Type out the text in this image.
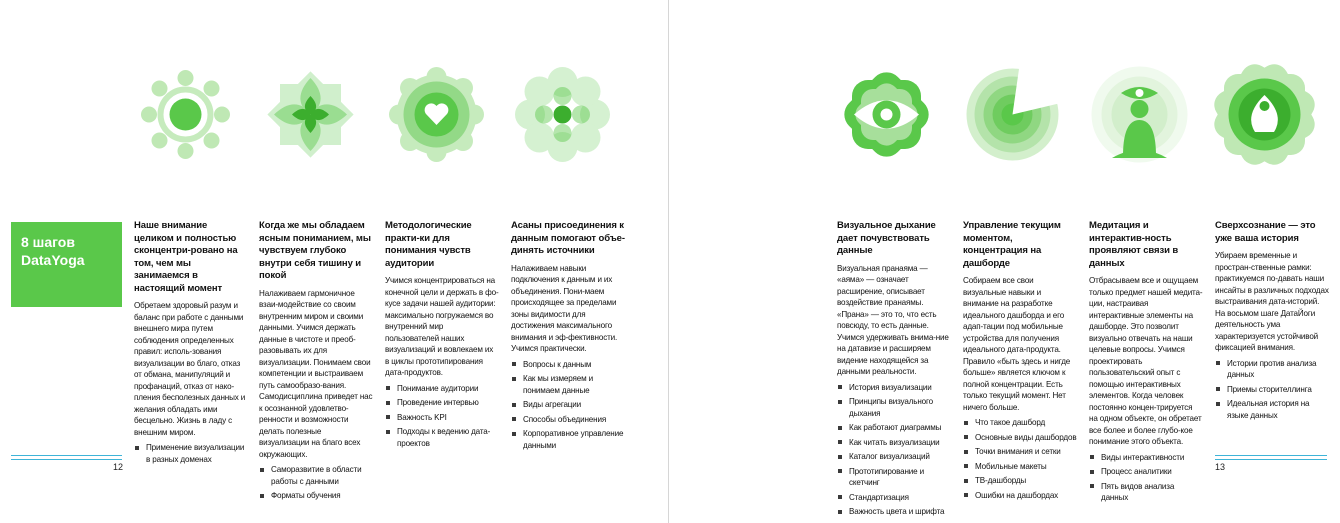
8 шагов
DataYoga
Наше внимание целиком и полностью сконцентри-ровано на том, чем мы занимаемся в настоящий момент

Обретаем здоровый разум и баланс при работе с данными внешнего мира путем соблюдения определенных правил: исполь-зования визуализации во благо, отказ от обмана, манипуляций и профанаций, отказ от нако-пления бесполезных данных и желания обладать ими бесцельно. Жизнь в ладу с внешним миром.

Применение визуализации в разных доменах
Когда же мы обладаем ясным пониманием, мы чувствуем глубоко внутри себя тишину и покой

Налаживаем гармоничное взаи-модействие со своим внутренним миром и своими данными. Учимся держать данные в чистоте и преоб-разовывать их для визуализации. Понимаем свои компетенции и выстраиваем путь самообразо-вания. Самодисциплина приведет нас к осознанной удовлетво-ренности и возможности делать полезные визуализации на благо всех окружающих.

Саморазвитие в области работы с данными
Форматы обучения
Методологические практи-ки для понимания чувств аудитории

Учимся концентрироваться на конечной цели и держать в фо-кусе задачи нашей аудитории: максимально погружаемся во внутренний мир пользователей наших визуализаций и вовлекаем их в циклы прототипирования дата-продуктов.

Понимание аудитории
Проведение интервью
Важность KPI
Подходы к ведению дата-проектов
Асаны присоединения к данным помогают объе-динять источники

Налаживаем навыки подключения к данным и их объединения. Пони-маем происходящее за пределами зоны видимости для достижения максимального внимания и эф-фективности. Учимся практически.

Вопросы к данным
Как мы измеряем и понимаем данные
Виды агрегации
Способы объединения
Корпоративное управление данными
12
Визуальное дыхание дает почувствовать данные

Визуальная пранаяма — «аяма» — означает расширение, описывает воздействие пранаямы. «Прана» — это то, что есть повсюду, то есть данные. Учимся удерживать внима-ние на датавизе и расширяем видение находящейся за данными реальности.

История визуализации
Принципы визуального дыхания
Как работают диаграммы
Как читать визуализации
Каталог визуализаций
Прототипирование и скетчинг
Стандартизация
Важность цвета и шрифта
Управление текущим моментом, концентрация на дашборде

Собираем все свои визуальные навыки и внимание на разработке идеального дашборда и его адап-тации под мобильные устройства для получения идеального дата-продукта. Правило «быть здесь и нигде больше» является ключом к полной концентрации. Есть только текущий момент. Нет ничего больше.

Что такое дашборд
Основные виды дашбордов
Точки внимания и сетки
Мобильные макеты
ТВ-дашборды
Ошибки на дашбордах
Медитация и интерактив-ность проявляют связи в данных

Отбрасываем все и ощущаем только предмет нашей медита-ции, настраивая интерактивные элементы на дашборде. Это позволит визуально отвечать на наши целевые вопросы. Учимся проектировать пользовательский опыт с помощью интерактивных элементов. Когда человек постоянно концен-трируется на одном объекте, он обретает все более и более глубо-кое понимание этого объекта.

Виды интерактивности
Процесс аналитики
Пять видов анализа данных
Сверхсознание — это уже ваша история

Убираем временные и простран-ственные рамки: практикуемся по-давать наши инсайты в различных подходах выстраивания дата-историй. На восьмом шаге ДатаЙоги деятельность ума характеризуется устойчивой фиксацией внимания.

Истории против анализа данных
Приемы сторителлинга
Идеальная история на языке данных
13
